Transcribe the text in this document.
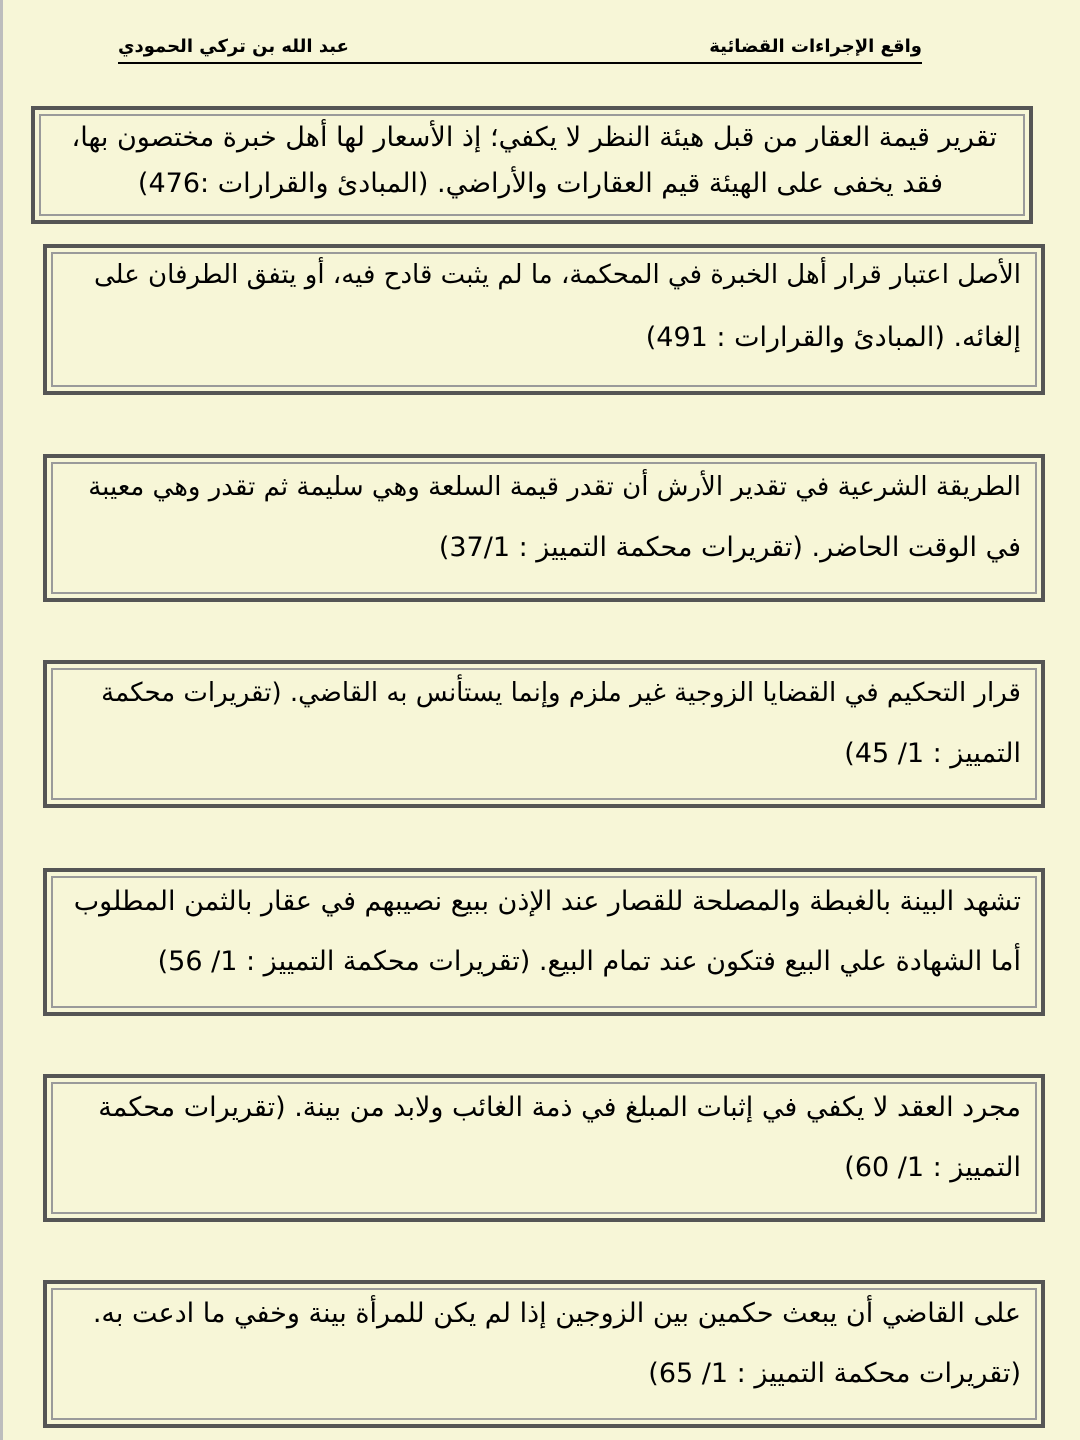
واقع الإجراءات القضائية
عبد الله بن تركي الحمودي
تقرير قيمة العقار من قبل هيئة النظر لا يكفي؛ إذ الأسعار لها أهل خبرة مختصون بها،
فقد يخفى على الهيئة قيم العقارات والأراضي. (المبادئ والقرارات :476)
الأصل اعتبار قرار أهل الخبرة في المحكمة، ما لم يثبت قادح فيه، أو يتفق الطرفان على
إلغائه. (المبادئ والقرارات : 491)
الطريقة الشرعية في تقدير الأرش أن تقدر قيمة السلعة وهي سليمة ثم تقدر وهي معيبة
في الوقت الحاضر. (تقريرات محكمة التمييز : 37/1)
قرار التحكيم في القضايا الزوجية غير ملزم وإنما يستأنس به القاضي. (تقريرات محكمة
التمييز : 1/ 45)
تشهد البينة بالغبطة والمصلحة للقصار عند الإذن ببيع نصيبهم في عقار بالثمن المطلوب
أما الشهادة علي البيع فتكون عند تمام البيع. (تقريرات محكمة التمييز : 1/ 56)
مجرد العقد لا يكفي في إثبات المبلغ في ذمة الغائب ولابد من بينة. (تقريرات محكمة
التمييز : 1/ 60)
على القاضي أن يبعث حكمين بين الزوجين إذا لم يكن للمرأة بينة وخفي ما ادعت به.
(تقريرات محكمة التمييز : 1/ 65)
